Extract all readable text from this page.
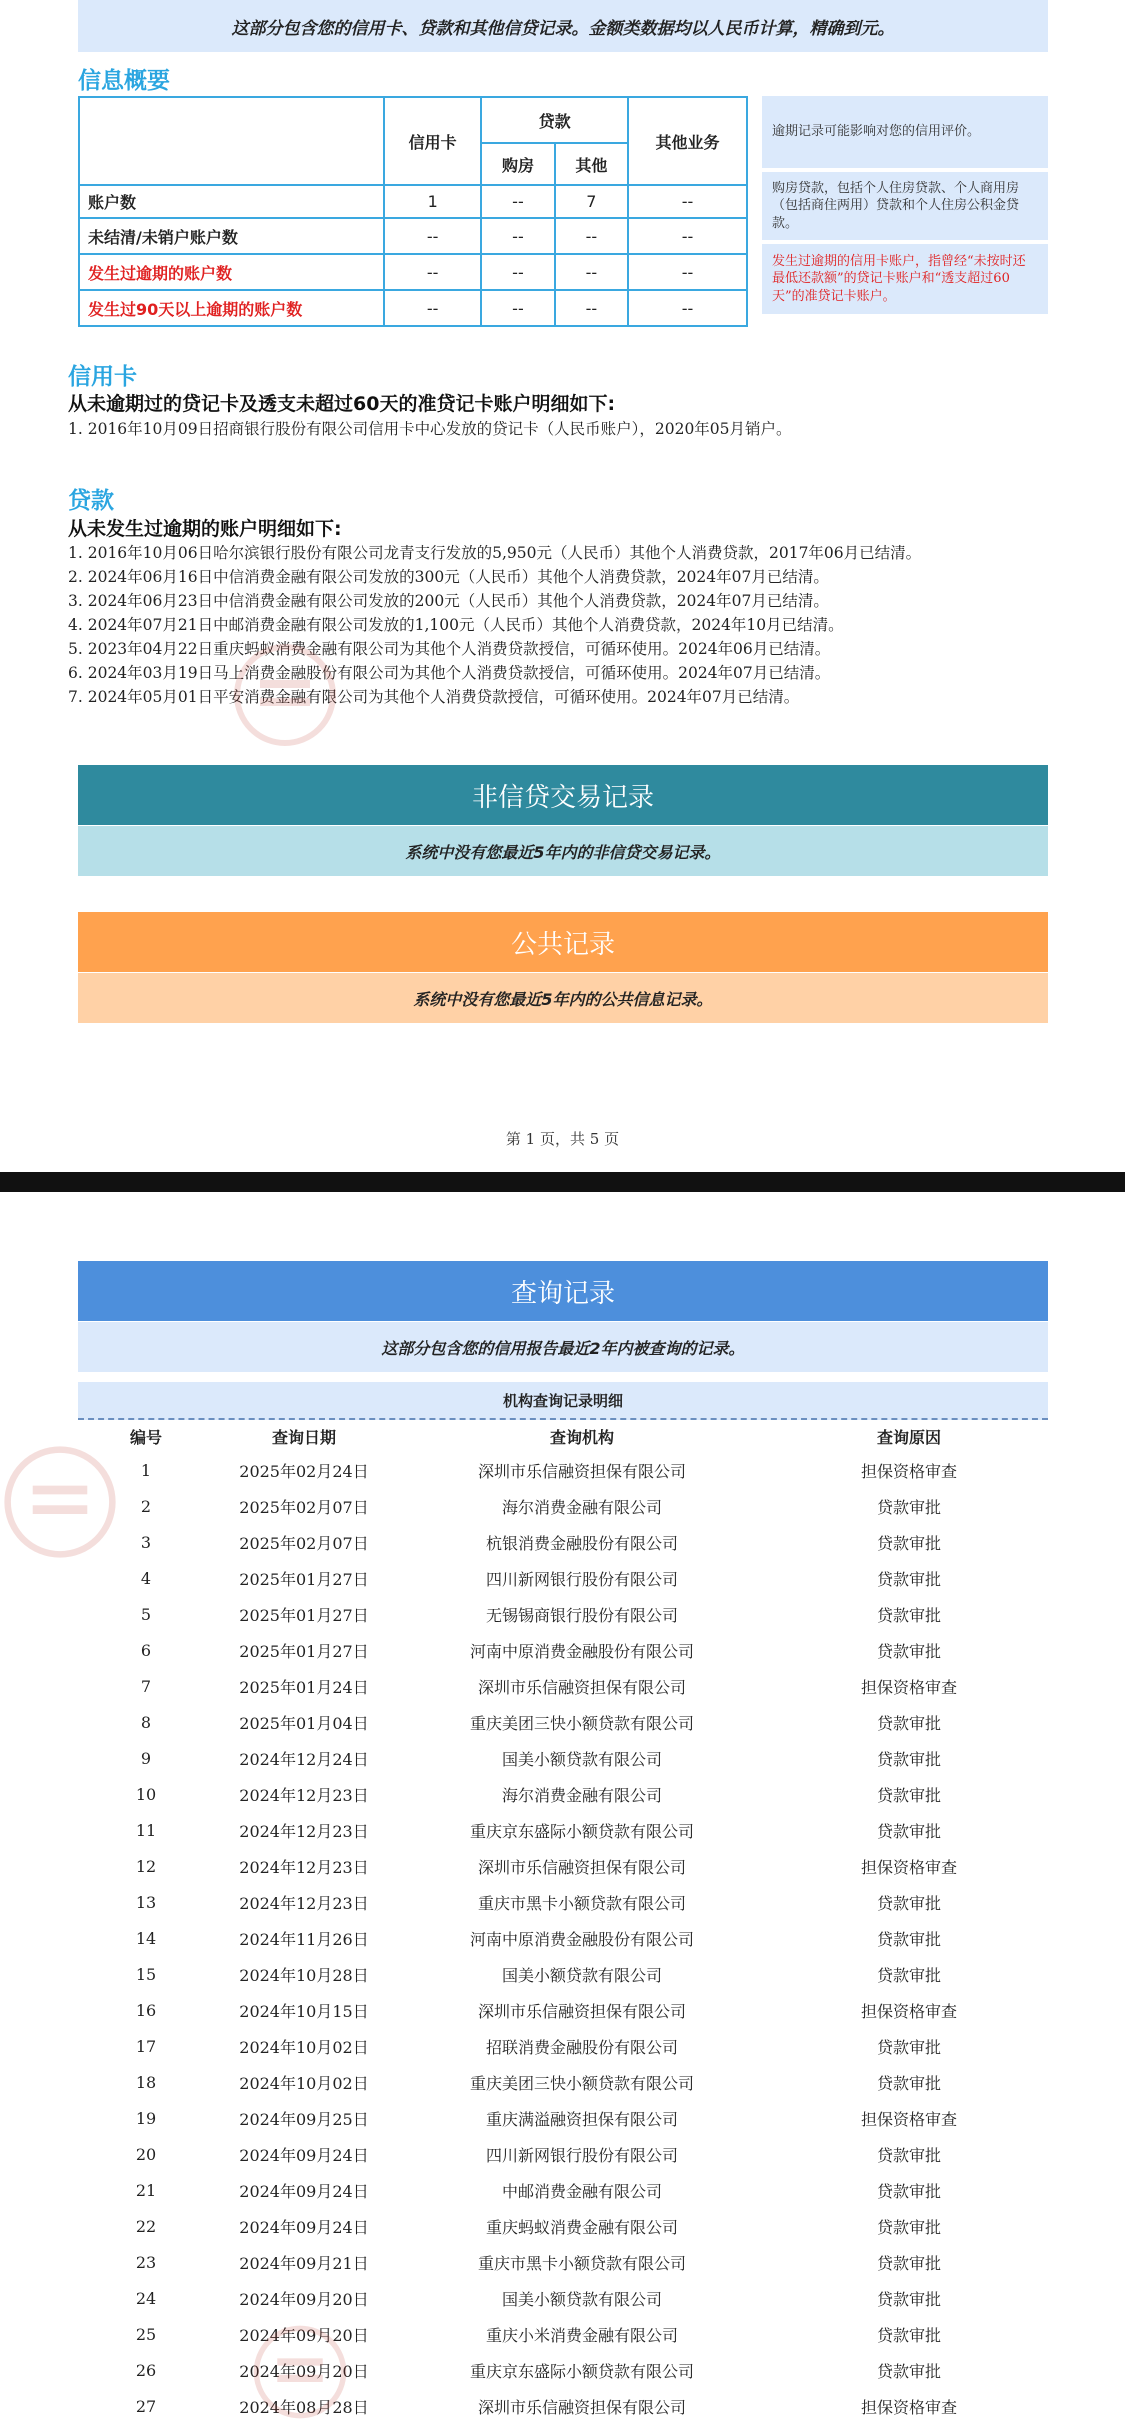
这部分包含您的信用卡、贷款和其他信贷记录。金额类数据均以人民币计算，精确到元。
信息概要
	信用卡	贷款		其他业务
		购房	其他	
账户数	1	--	7	--
未结清/未销户账户数	--	--	--	--
发生过逾期的账户数	--	--	--	--
发生过90天以上逾期的账户数	--	--	--	--
逾期记录可能影响对您的信用评价。
购房贷款，包括个人住房贷款、个人商用房（包括商住两用）贷款和个人住房公积金贷款。
发生过逾期的信用卡账户，指曾经“未按时还最低还款额”的贷记卡账户和“透支超过60天”的准贷记卡账户。
信用卡
从未逾期过的贷记卡及透支未超过60天的准贷记卡账户明细如下:
1. 2016年10月09日招商银行股份有限公司信用卡中心发放的贷记卡（人民币账户），2020年05月销户。
贷款
从未发生过逾期的账户明细如下:
1. 2016年10月06日哈尔滨银行股份有限公司龙青支行发放的5,950元（人民币）其他个人消费贷款，2017年06月已结清。
2. 2024年06月16日中信消费金融有限公司发放的300元（人民币）其他个人消费贷款，2024年07月已结清。
3. 2024年06月23日中信消费金融有限公司发放的200元（人民币）其他个人消费贷款，2024年07月已结清。
4. 2024年07月21日中邮消费金融有限公司发放的1,100元（人民币）其他个人消费贷款，2024年10月已结清。
5. 2023年04月22日重庆蚂蚁消费金融有限公司为其他个人消费贷款授信，可循环使用。2024年06月已结清。
6. 2024年03月19日马上消费金融股份有限公司为其他个人消费贷款授信，可循环使用。2024年07月已结清。
7. 2024年05月01日平安消费金融有限公司为其他个人消费贷款授信，可循环使用。2024年07月已结清。
非信贷交易记录
系统中没有您最近5年内的非信贷交易记录。
公共记录
系统中没有您最近5年内的公共信息记录。
第 1 页，共 5 页
查询记录
这部分包含您的信用报告最近2年内被查询的记录。
机构查询记录明细
编号	查询日期	查询机构	查询原因
1	2025年02月24日	深圳市乐信融资担保有限公司	担保资格审查
2	2025年02月07日	海尔消费金融有限公司	贷款审批
3	2025年02月07日	杭银消费金融股份有限公司	贷款审批
4	2025年01月27日	四川新网银行股份有限公司	贷款审批
5	2025年01月27日	无锡锡商银行股份有限公司	贷款审批
6	2025年01月27日	河南中原消费金融股份有限公司	贷款审批
7	2025年01月24日	深圳市乐信融资担保有限公司	担保资格审查
8	2025年01月04日	重庆美团三快小额贷款有限公司	贷款审批
9	2024年12月24日	国美小额贷款有限公司	贷款审批
10	2024年12月23日	海尔消费金融有限公司	贷款审批
11	2024年12月23日	重庆京东盛际小额贷款有限公司	贷款审批
12	2024年12月23日	深圳市乐信融资担保有限公司	担保资格审查
13	2024年12月23日	重庆市黑卡小额贷款有限公司	贷款审批
14	2024年11月26日	河南中原消费金融股份有限公司	贷款审批
15	2024年10月28日	国美小额贷款有限公司	贷款审批
16	2024年10月15日	深圳市乐信融资担保有限公司	担保资格审查
17	2024年10月02日	招联消费金融股份有限公司	贷款审批
18	2024年10月02日	重庆美团三快小额贷款有限公司	贷款审批
19	2024年09月25日	重庆满溢融资担保有限公司	担保资格审查
20	2024年09月24日	四川新网银行股份有限公司	贷款审批
21	2024年09月24日	中邮消费金融有限公司	贷款审批
22	2024年09月24日	重庆蚂蚁消费金融有限公司	贷款审批
23	2024年09月21日	重庆市黑卡小额贷款有限公司	贷款审批
24	2024年09月20日	国美小额贷款有限公司	贷款审批
25	2024年09月20日	重庆小米消费金融有限公司	贷款审批
26	2024年09月20日	重庆京东盛际小额贷款有限公司	贷款审批
27	2024年08月28日	深圳市乐信融资担保有限公司	担保资格审查
